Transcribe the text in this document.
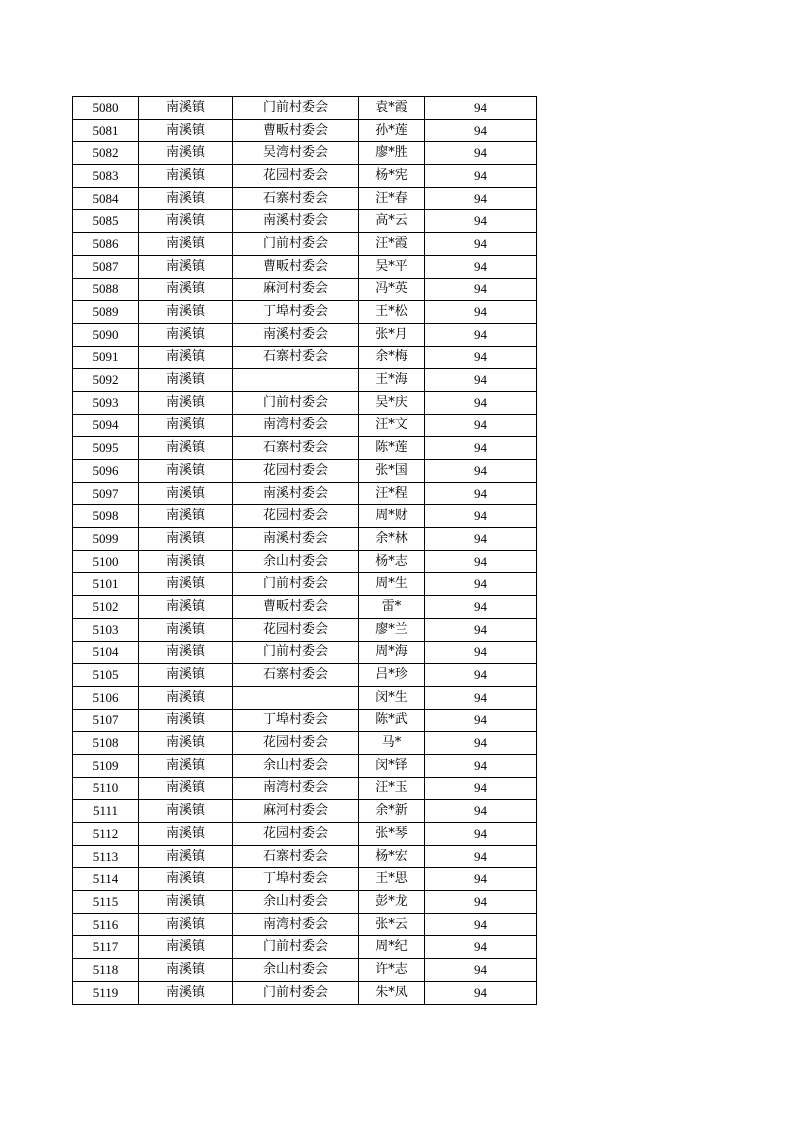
5080	南溪镇	门前村委会	袁*霞	94
5081	南溪镇	曹畈村委会	孙*莲	94
5082	南溪镇	吴湾村委会	廖*胜	94
5083	南溪镇	花园村委会	杨*宪	94
5084	南溪镇	石寨村委会	汪*春	94
5085	南溪镇	南溪村委会	高*云	94
5086	南溪镇	门前村委会	汪*霞	94
5087	南溪镇	曹畈村委会	吴*平	94
5088	南溪镇	麻河村委会	冯*英	94
5089	南溪镇	丁埠村委会	王*松	94
5090	南溪镇	南溪村委会	张*月	94
5091	南溪镇	石寨村委会	余*梅	94
5092	南溪镇		王*海	94
5093	南溪镇	门前村委会	吴*庆	94
5094	南溪镇	南湾村委会	汪*文	94
5095	南溪镇	石寨村委会	陈*莲	94
5096	南溪镇	花园村委会	张*国	94
5097	南溪镇	南溪村委会	汪*程	94
5098	南溪镇	花园村委会	周*财	94
5099	南溪镇	南溪村委会	余*林	94
5100	南溪镇	余山村委会	杨*志	94
5101	南溪镇	门前村委会	周*生	94
5102	南溪镇	曹畈村委会	雷*	94
5103	南溪镇	花园村委会	廖*兰	94
5104	南溪镇	门前村委会	周*海	94
5105	南溪镇	石寨村委会	吕*珍	94
5106	南溪镇		闵*生	94
5107	南溪镇	丁埠村委会	陈*武	94
5108	南溪镇	花园村委会	马*	94
5109	南溪镇	余山村委会	闵*铎	94
5110	南溪镇	南湾村委会	汪*玉	94
5111	南溪镇	麻河村委会	余*新	94
5112	南溪镇	花园村委会	张*琴	94
5113	南溪镇	石寨村委会	杨*宏	94
5114	南溪镇	丁埠村委会	王*思	94
5115	南溪镇	余山村委会	彭*龙	94
5116	南溪镇	南湾村委会	张*云	94
5117	南溪镇	门前村委会	周*纪	94
5118	南溪镇	余山村委会	许*志	94
5119	南溪镇	门前村委会	朱*凤	94
